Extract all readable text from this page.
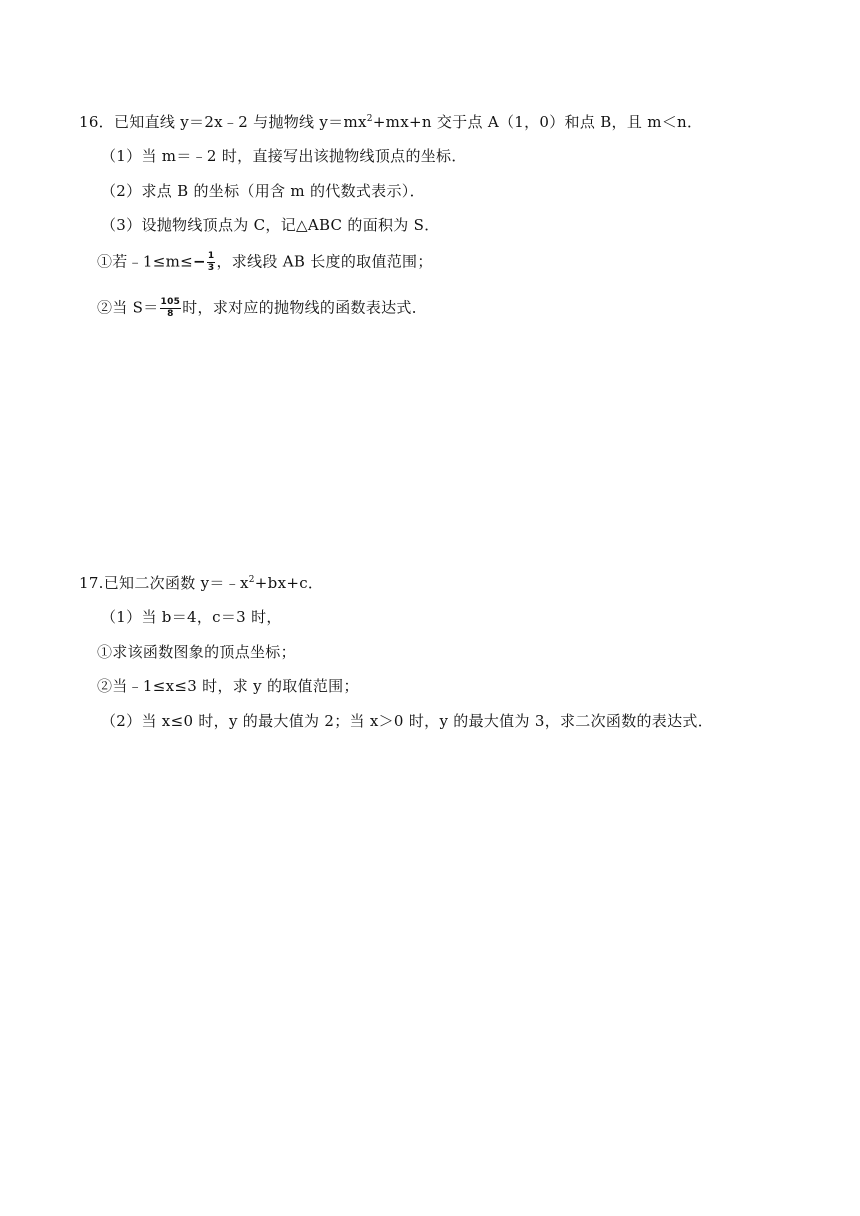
16．已知直线 y＝2x﹣2 与抛物线 $y=mx^2+mx+n$ 交于点 A（1，0）和点 B，且 m＜n．
（1）当 m＝﹣2 时，直接写出该抛物线顶点的坐标．
（2）求点 B 的坐标（用含 m 的代数式表示）．
（3）设抛物线顶点为 C，记△ABC 的面积为 S．
①若﹣1≤m≤− $\frac{1}{3}$ ，求线段 AB 长度的取值范围；
②当 $S= \frac{105}{8}$ 时，求对应的抛物线的函数表达式．
17.已知二次函数 $y=﹣x^2+bx+c$．
（1）当 b＝4，c＝3 时，
①求该函数图象的顶点坐标；
②当﹣1≤x≤3 时，求 y 的取值范围；
（2）当 x≤0 时，y 的最大值为 2；当 x＞0 时，y 的最大值为 3，求二次函数的表达式．
